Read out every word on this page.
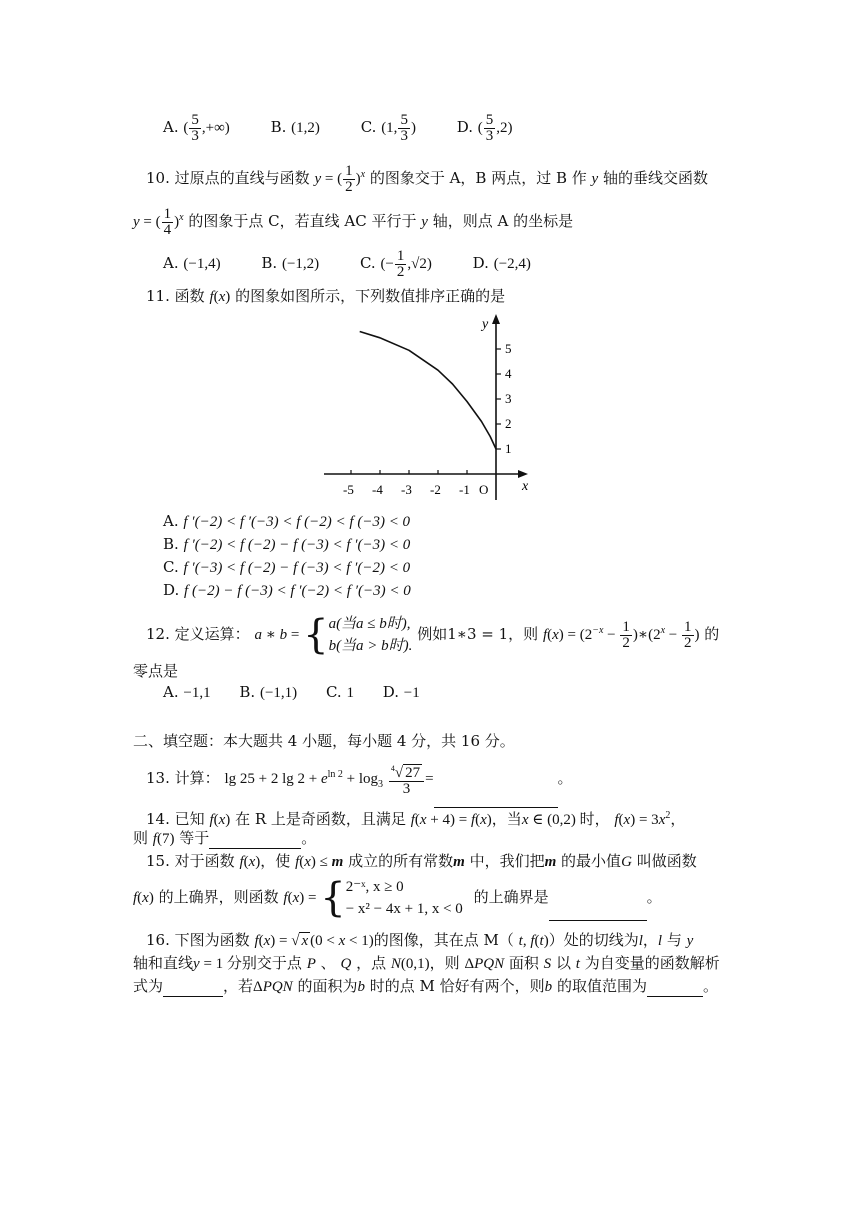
A. ( $\frac{5}{3}$ ,+∞)	B. (1,2)	C. (1, $\frac{5}{3}$ )	D. ( $\frac{5}{3} ,2$)
10. 过原点的直线与函数 y = ( $\frac{1}{2} )^x$ 的图象交于 A，B 两点，过 B 作 y 轴的垂线交函数
y = ( $\frac{1}{4} )^x$ 的图象于点 C，若直线 AC 平行于 y 轴，则点 A 的坐标是
A. (−1,4)	B. (−1,2)	C. (− $\frac{1}{2} ,√2$)	D. (−2,4)
11. 函数 f(x) 的图象如图所示，下列数值排序正确的是
x
y
-5 -4 -3 -2 -1
1
2
3
4
5
O
A. f ′(−2) < f ′(−3) < f (−2) < f (−3) < 0
B. f ′(−2) < f (−2) − f (−3) < f ′(−3) < 0
C. f ′(−3) < f (−2) − f (−3) < f ′(−2) < 0
D. f (−2) − f (−3) < f ′(−2) < f ′(−3) < 0
12. 定义运算： a ∗ b = {a(当a ≤ b时),
b(当a > b时). 例如1∗3 = 1，则 $f(x) = (2^{-x} - \frac{1}{2}$ )$∗(2^x - \frac{1}{2}$ ) 的
零点是
A. −1,1 B. (−1,1) C. 1 D. −1
二、填空题：本大题共 4 小题，每小题 4 分，共 16 分。
13. 计算： lg 25 + 2 $\lg 2 + e^{ln 2} + \log_3 \frac{^4√ 27}{3}$ =	。
14. 已知 f(x) 在 R 上是奇函数，且满足 f(x + 4) = f(x)，当x ∈ (0,2) 时， $f(x) = 3x^2$，
则 f(7) 等于	。
15. 对于函数 f(x)，使 f(x) ≤ m 成立的所有常数m 中，我们把m 的最小值G 叫做函数
f(x) 的上确界，则函数 f(x) = {2⁻ˣ, x ≥ 0
− x² − 4x + 1, x < 0 的上确界是	。
16. 下图为函数 f(x) = √ x (0 < x < 1)的图像，其在点 M（ t, f(t)）处的切线为l，l 与 y
轴和直线y = 1 分别交于点 P 、 Q ，点 N(0,1)，则 ΔPQN 面积 S 以 t 为自变量的函数解析
式为	，若ΔPQN 的面积为b 时的点 M 恰好有两个，则b 的取值范围为	。
